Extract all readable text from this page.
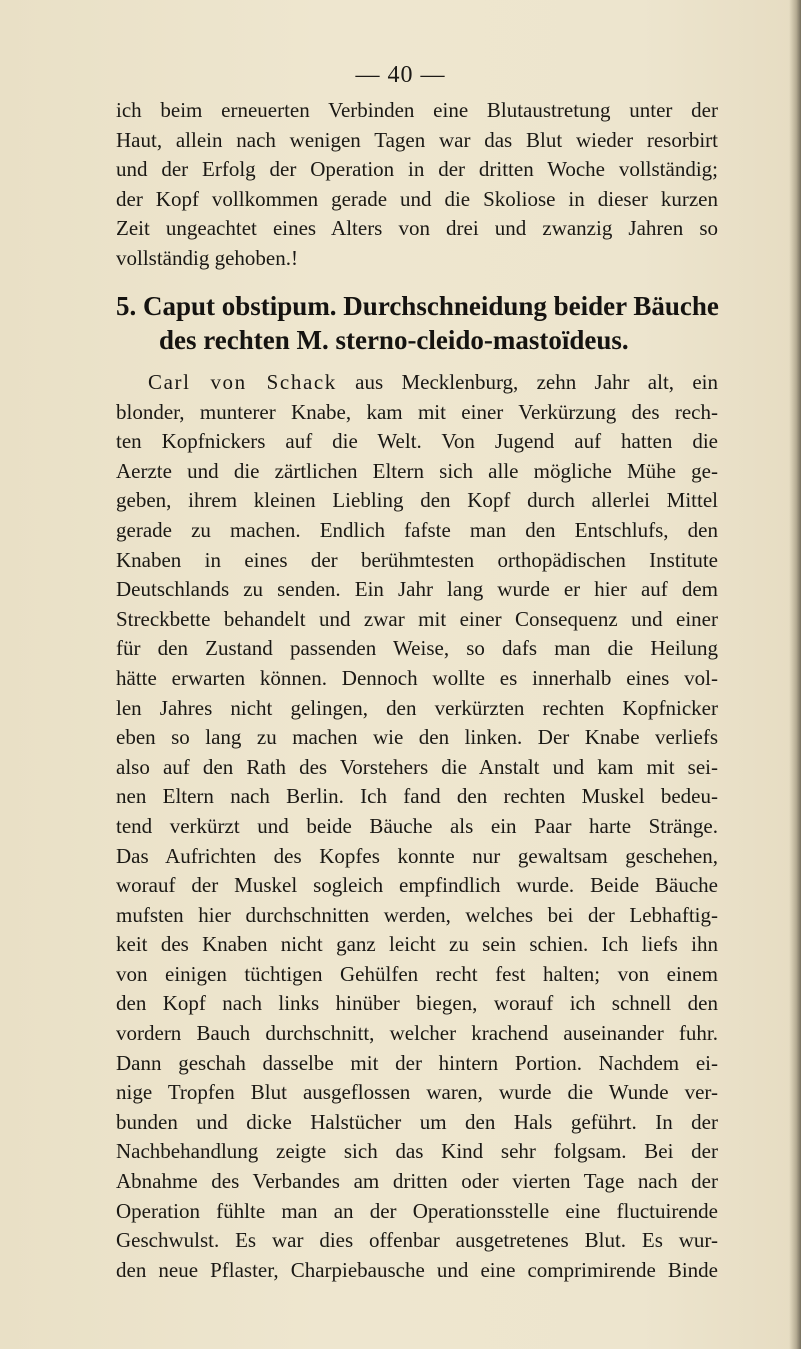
— 40 —
ich beim erneuerten Verbinden eine Blutaustretung unter der
Haut, allein nach wenigen Tagen war das Blut wieder resorbirt
und der Erfolg der Operation in der dritten Woche vollständig;
der Kopf vollkommen gerade und die Skoliose in dieser kurzen
Zeit ungeachtet eines Alters von drei und zwanzig Jahren so
vollständig gehoben.!
5. Caput obstipum. Durchschneidung beider Bäuche
des rechten M. sterno-cleido-mastoïdeus.
Carl von Schack aus Mecklenburg, zehn Jahr alt, ein
blonder, munterer Knabe, kam mit einer Verkürzung des rech-
ten Kopfnickers auf die Welt. Von Jugend auf hatten die
Aerzte und die zärtlichen Eltern sich alle mögliche Mühe ge-
geben, ihrem kleinen Liebling den Kopf durch allerlei Mittel
gerade zu machen. Endlich fafste man den Entschlufs, den
Knaben in eines der berühmtesten orthopädischen Institute
Deutschlands zu senden. Ein Jahr lang wurde er hier auf dem
Streckbette behandelt und zwar mit einer Consequenz und einer
für den Zustand passenden Weise, so dafs man die Heilung
hätte erwarten können. Dennoch wollte es innerhalb eines vol-
len Jahres nicht gelingen, den verkürzten rechten Kopfnicker
eben so lang zu machen wie den linken. Der Knabe verliefs
also auf den Rath des Vorstehers die Anstalt und kam mit sei-
nen Eltern nach Berlin. Ich fand den rechten Muskel bedeu-
tend verkürzt und beide Bäuche als ein Paar harte Stränge.
Das Aufrichten des Kopfes konnte nur gewaltsam geschehen,
worauf der Muskel sogleich empfindlich wurde. Beide Bäuche
mufsten hier durchschnitten werden, welches bei der Lebhaftig-
keit des Knaben nicht ganz leicht zu sein schien. Ich liefs ihn
von einigen tüchtigen Gehülfen recht fest halten; von einem
den Kopf nach links hinüber biegen, worauf ich schnell den
vordern Bauch durchschnitt, welcher krachend auseinander fuhr.
Dann geschah dasselbe mit der hintern Portion. Nachdem ei-
nige Tropfen Blut ausgeflossen waren, wurde die Wunde ver-
bunden und dicke Halstücher um den Hals geführt. In der
Nachbehandlung zeigte sich das Kind sehr folgsam. Bei der
Abnahme des Verbandes am dritten oder vierten Tage nach der
Operation fühlte man an der Operationsstelle eine fluctuirende
Geschwulst. Es war dies offenbar ausgetretenes Blut. Es wur-
den neue Pflaster, Charpiebausche und eine comprimirende Binde
